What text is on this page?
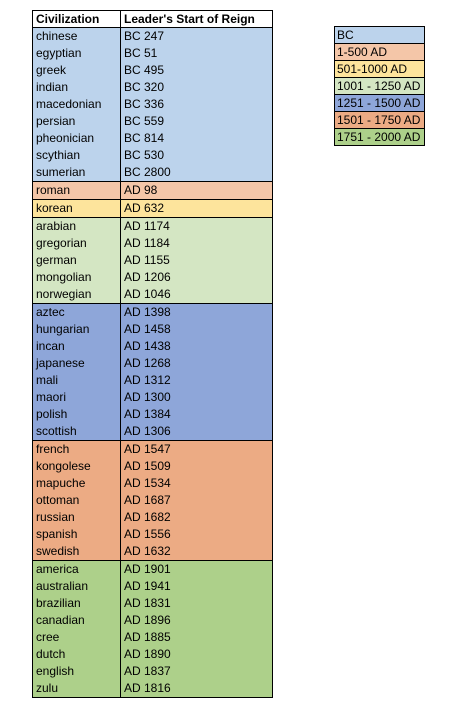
Civilization	Leader's Start of Reign
chinese	BC 247
egyptian	BC 51
greek	BC 495
indian	BC 320
macedonian	BC 336
persian	BC 559
pheonician	BC 814
scythian	BC 530
sumerian	BC 2800
roman	AD 98
korean	AD 632
arabian	AD 1174
gregorian	AD 1184
german	AD 1155
mongolian	AD 1206
norwegian	AD 1046
aztec	AD 1398
hungarian	AD 1458
incan	AD 1438
japanese	AD 1268
mali	AD 1312
maori	AD 1300
polish	AD 1384
scottish	AD 1306
french	AD 1547
kongolese	AD 1509
mapuche	AD 1534
ottoman	AD 1687
russian	AD 1682
spanish	AD 1556
swedish	AD 1632
america	AD 1901
australian	AD 1941
brazilian	AD 1831
canadian	AD 1896
cree	AD 1885
dutch	AD 1890
english	AD 1837
zulu	AD 1816
BC
1-500 AD
501-1000 AD
1001 - 1250 AD
1251 - 1500 AD
1501 - 1750 AD
1751 - 2000 AD
